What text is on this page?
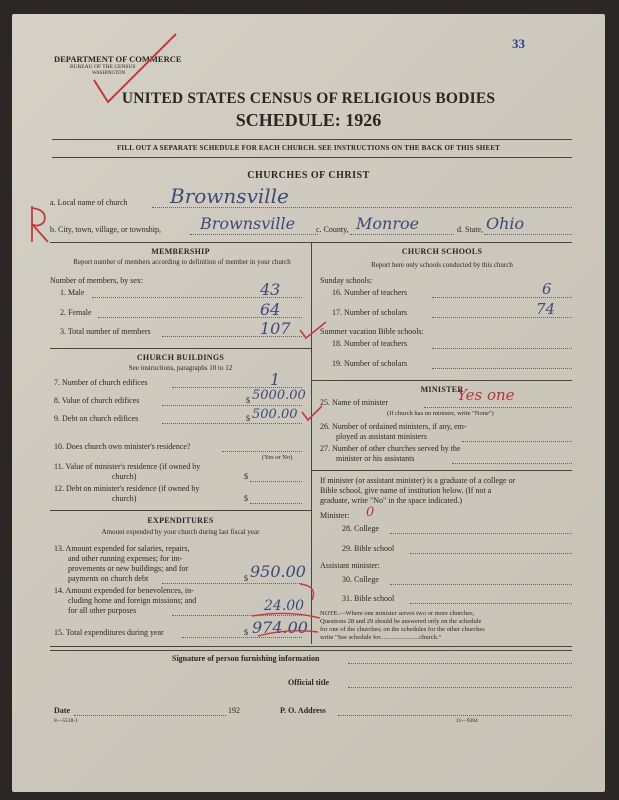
DEPARTMENT OF COMMERCE
BUREAU OF THE CENSUS
WASHINGTON
33
UNITED STATES CENSUS OF RELIGIOUS BODIES
SCHEDULE: 1926
FILL OUT A SEPARATE SCHEDULE FOR EACH CHURCH. SEE INSTRUCTIONS ON THE BACK OF THIS SHEET
CHURCHES OF CHRIST
a. Local name of church Brownsville
b. City, town, village, or township, Brownsville	c. County, Monroe	d. State, Ohio
MEMBERSHIP
Report number of members according to definition of member in your church
Number of members, by sex:
1. Male	43
2. Female	64
3. Total number of members	107
CHURCH BUILDINGS
See instructions, paragraphs 10 to 12
7. Number of church edifices	1
8. Value of church edifices	$ 5000.00
9. Debt on church edifices	$ 500.00
10. Does church own minister's residence?
(Yes or No)
11. Value of minister's residence (if owned by
church)	$
12. Debt on minister's residence (if owned by
church)	$
EXPENDITURES
Amount expended by your church during last fiscal year
13. Amount expended for salaries, repairs,
and other running expenses; for im-
provements or new buildings; and for
payments on church debt	$ 950.00
14. Amount expended for benevolences, in-
cluding home and foreign missions; and
for all other purposes	24.00
15. Total expenditures during year	$ 974.00
CHURCH SCHOOLS
Report here only schools conducted by this church
Sunday schools:
16. Number of teachers	6
17. Number of scholars	74
Summer vacation Bible schools:
18. Number of teachers
19. Number of scholars
MINISTER
25. Name of minister	Yes one
(If church has no minister, write "None")
26. Number of ordained ministers, if any, em-
ployed as assistant ministers
27. Number of other churches served by the
minister or his assistants
If minister (or assistant minister) is a graduate of a college or
Bible school, give name of institution below. (If not a
graduate, write "No" in the space indicated.)
Minister: 0
28. College
29. Bible school
Assistant minister:
30. College
31. Bible school
NOTE.—Where one minister serves two or more churches,
Questions 28 and 29 should be answered only on the schedule
for one of the churches; on the schedules for the other churches
write "See schedule for........................church."
Signature of person furnishing information
Official title
Date	192	P. O. Address
8—5518-1	11—9304
